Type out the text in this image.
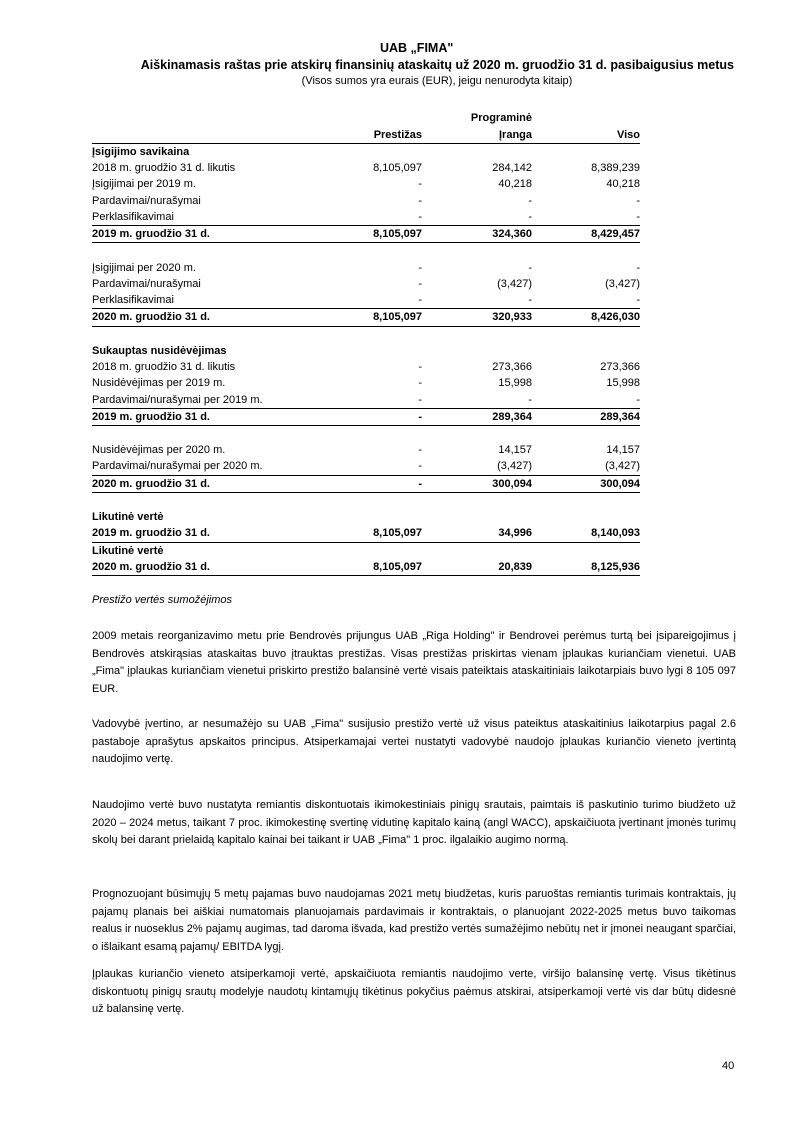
UAB „FIMA"
Aiškinamasis raštas prie atskirų finansinių ataskaitų už 2020 m. gruodžio 31 d. pasibaigusius metus
(Visos sumos yra eurais (EUR), jeigu nenurodyta kitaip)
		Programinė	
	Prestižas	Įranga	Viso
Įsigijimo savikaina			
2018 m. gruodžio 31 d. likutis	8,105,097	284,142	8,389,239
Įsigijimai per 2019 m.	-	40,218	40,218
Pardavimai/nurašymai	-	-	-
Perklasifikavimai	-	-	-
2019 m. gruodžio 31 d.	8,105,097	324,360	8,429,457

Įsigijimai per 2020 m.	-	-	-
Pardavimai/nurašymai	-	(3,427)	(3,427)
Perklasifikavimai	-	-	-
2020 m. gruodžio 31 d.	8,105,097	320,933	8,426,030

Sukauptas nusidėvėjimas			
2018 m. gruodžio 31 d. likutis	-	273,366	273,366
Nusidėvėjimas per 2019 m.	-	15,998	15,998
Pardavimai/nurašymai per 2019 m.	-	-	-
2019 m. gruodžio 31 d.	-	289,364	289,364

Nusidėvėjimas per 2020 m.	-	14,157	14,157
Pardavimai/nurašymai per 2020 m.	-	(3,427)	(3,427)
2020 m. gruodžio 31 d.	-	300,094	300,094

Likutinė vertė			
2019 m. gruodžio 31 d.	8,105,097	34,996	8,140,093
Likutinė vertė			
2020 m. gruodžio 31 d.	8,105,097	20,839	8,125,936
Prestižo vertės sumožėjimos
2009 metais reorganizavimo metu prie Bendrovės prijungus UAB „Riga Holding" ir Bendrovei perėmus turtą bei įsipareigojimus į Bendrovės atskirąsias ataskaitas buvo įtrauktas prestižas. Visas prestižas priskirtas vienam įplaukas kuriančiam vienetui. UAB „Fima" įplaukas kuriančiam vienetui priskirto prestižo balansinė vertė visais pateiktais ataskaitiniais laikotarpiais buvo lygi 8 105 097 EUR.
Vadovybė įvertino, ar nesumažėjo su UAB „Fima" susijusio prestižo vertė už visus pateiktus ataskaitinius laikotarpius pagal 2.6 pastaboje aprašytus apskaitos principus. Atsiperkamajai vertei nustatyti vadovybė naudojo įplaukas kuriančio vieneto įvertintą naudojimo vertę.
Naudojimo vertė buvo nustatyta remiantis diskontuotais ikimokestiniais pinigų srautais, paimtais iš paskutinio turimo biudžeto už 2020 – 2024 metus, taikant 7 proc. ikimokestinę svertinę vidutinę kapitalo kainą (angl WACC), apskaičiuota įvertinant įmonės turimų skolų bei darant prielaidą kapitalo kainai bei taikant ir UAB „Fima" 1 proc. ilgalaikio augimo normą.
Prognozuojant būsimųjų 5 metų pajamas buvo naudojamas 2021 metų biudžetas, kuris paruoštas remiantis turimais kontraktais, jų pajamų planais bei aiškiai numatomais planuojamais pardavimais ir kontraktais, o planuojant 2022-2025 metus buvo taikomas realus ir nuoseklus 2% pajamų augimas, tad daroma išvada, kad prestižo vertės sumažėjimo nebūtų net ir įmonei neaugant sparčiai, o išlaikant esamą pajamų/ EBITDA lygį.
Įplaukas kuriančio vieneto atsiperkamoji vertė, apskaičiuota remiantis naudojimo verte, viršijo balansinę vertę. Visus tikėtinus diskontuotų pinigų srautų modelyje naudotų kintamųjų tikėtinus pokyčius paėmus atskirai, atsiperkamoji vertė vis dar būtų didesnė už balansinę vertę.
40
